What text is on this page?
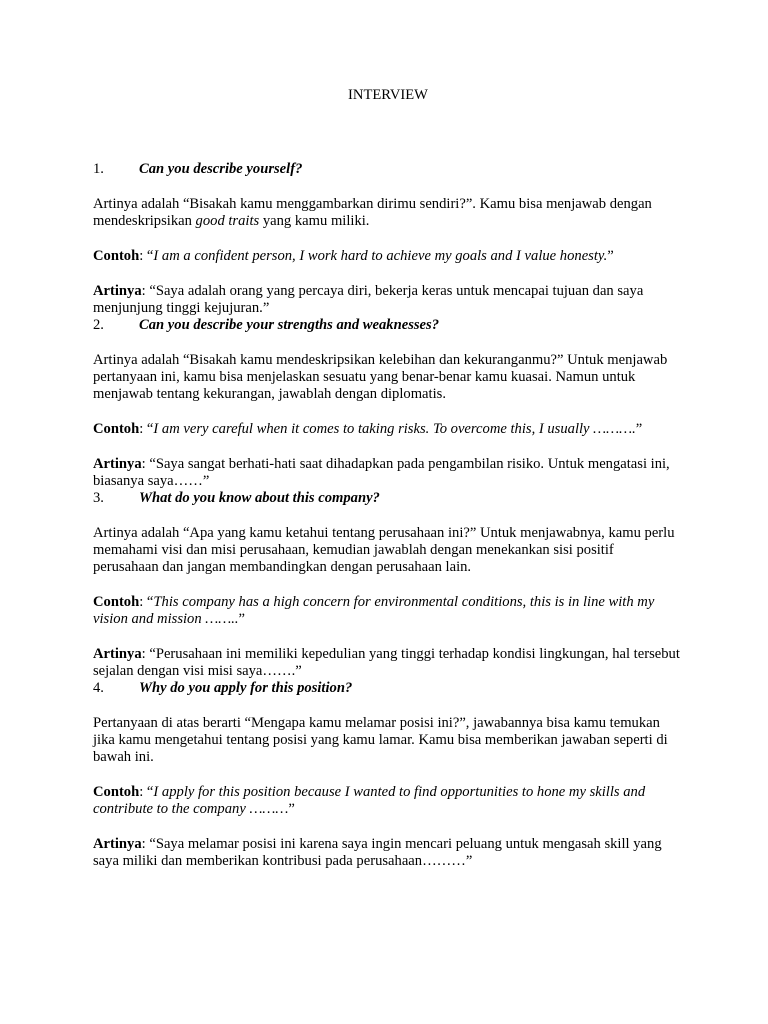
INTERVIEW
1.	Can you describe yourself?

Artinya adalah “Bisakah kamu menggambarkan dirimu sendiri?”. Kamu bisa menjawab dengan mendeskripsikan good traits yang kamu miliki.

Contoh: “I am a confident person, I work hard to achieve my goals and I value honesty.”

Artinya: “Saya adalah orang yang percaya diri, bekerja keras untuk mencapai tujuan dan saya menjunjung tinggi kejujuran.”

2.	Can you describe your strengths and weaknesses?

Artinya adalah “Bisakah kamu mendeskripsikan kelebihan dan kekuranganmu?” Untuk menjawab pertanyaan ini, kamu bisa menjelaskan sesuatu yang benar-benar kamu kuasai. Namun untuk menjawab tentang kekurangan, jawablah dengan diplomatis.

Contoh: “I am very careful when it comes to taking risks. To overcome this, I usually ……….”

Artinya: “Saya sangat berhati-hati saat dihadapkan pada pengambilan risiko. Untuk mengatasi ini, biasanya saya……”

3.	What do you know about this company?

Artinya adalah “Apa yang kamu ketahui tentang perusahaan ini?” Untuk menjawabnya, kamu perlu memahami visi dan misi perusahaan, kemudian jawablah dengan menekankan sisi positif perusahaan dan jangan membandingkan dengan perusahaan lain.

Contoh: “This company has a high concern for environmental conditions, this is in line with my vision and mission ……..”

Artinya: “Perusahaan ini memiliki kepedulian yang tinggi terhadap kondisi lingkungan, hal tersebut sejalan dengan visi misi saya…….”

4.	Why do you apply for this position?

Pertanyaan di atas berarti “Mengapa kamu melamar posisi ini?”, jawabannya bisa kamu temukan jika kamu mengetahui tentang posisi yang kamu lamar. Kamu bisa memberikan jawaban seperti di bawah ini.

Contoh: “I apply for this position because I wanted to find opportunities to hone my skills and contribute to the company ………”

Artinya: “Saya melamar posisi ini karena saya ingin mencari peluang untuk mengasah skill yang saya miliki dan memberikan kontribusi pada perusahaan………”
